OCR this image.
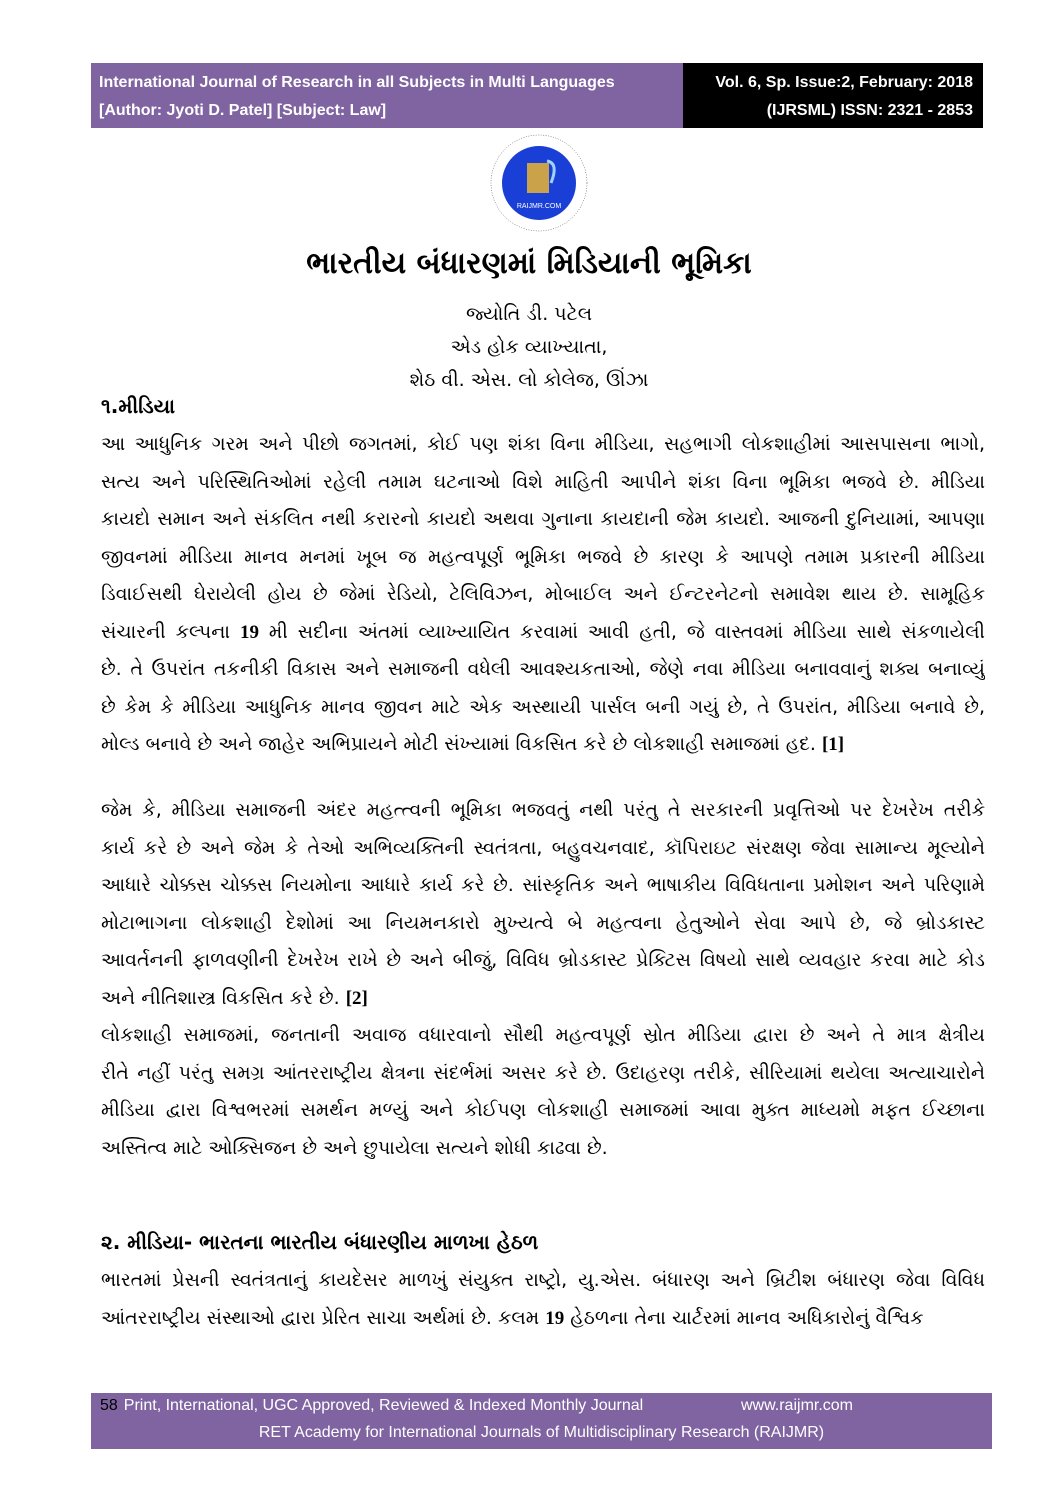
International Journal of Research in all Subjects in Multi Languages
[Author: Jyoti D. Patel] [Subject: Law]
Vol. 6, Sp. Issue:2, February: 2018
(IJRSML) ISSN: 2321 - 2853
RAIJMR.COM
ભારતીય બંધારણમાં મિડિયાની ભૂમિકા
જ્યોતિ ડી. પટેલ
એડ હોક વ્યાખ્યાતા,
શેઠ વી. એસ. લો કોલેજ, ઊંઝા
૧.મીડિયા
આ આધુનિક ગરમ અને પીછો જગતમાં, કોઈ પણ શંકા વિના મીડિયા, સહભાગી લોકશાહીમાં આસપાસના ભાગો,
સત્ય અને પરિસ્થિતિઓમાં રહેલી તમામ ઘટનાઓ વિશે માહિતી આપીને શંકા વિના ભૂમિકા ભજવે છે. મીડિયા
કાયદો સમાન અને સંકલિત નથી કરારનો કાયદો અથવા ગુનાના કાયદાની જેમ કાયદો. આજની દુનિયામાં, આપણા
જીવનમાં મીડિયા માનવ મનમાં ખૂબ જ મહત્વપૂર્ણ ભૂમિકા ભજવે છે કારણ કે આપણે તમામ પ્રકારની મીડિયા
ડિવાઈસથી ઘેરાયેલી હોય છે જેમાં રેડિયો, ટેલિવિઝન, મોબાઈલ અને ઈન્ટરનેટનો સમાવેશ થાય છે. સામૂહિક
સંચારની કલ્પના 19 મી સદીના અંતમાં વ્યાખ્યાયિત કરવામાં આવી હતી, જે વાસ્તવમાં મીડિયા સાથે સંકળાયેલી
છે. તે ઉપરાંત તકનીકી વિકાસ અને સમાજની વધેલી આવશ્યકતાઓ, જેણે નવા મીડિયા બનાવવાનું શક્ય બનાવ્યું
છે કેમ કે મીડિયા આધુનિક માનવ જીવન માટે એક અસ્થાયી પાર્સલ બની ગયું છે, તે ઉપરાંત, મીડિયા બનાવે છે,
મોલ્ડ બનાવે છે અને જાહેર અભિપ્રાયને મોટી સંખ્યામાં વિકસિત કરે છે લોકશાહી સમાજમાં હદ. [1]
જેમ કે, મીડિયા સમાજની અંદર મહત્ત્વની ભૂમિકા ભજવતું નથી પરંતુ તે સરકારની પ્રવૃત્તિઓ પર દેખરેખ તરીકે
કાર્ય કરે છે અને જેમ કે તેઓ અભિવ્યક્તિની સ્વતંત્રતા, બહુવચનવાદ, કૉપિરાઇટ સંરક્ષણ જેવા સામાન્ય મૂલ્યોને
આધારે ચોક્કસ ચોક્કસ નિયમોના આધારે કાર્ય કરે છે. સાંસ્કૃતિક અને ભાષાકીય વિવિધતાના પ્રમોશન અને પરિણામે
મોટાભાગના લોકશાહી દેશોમાં આ નિયમનકારો મુખ્યત્વે બે મહત્વના હેતુઓને સેવા આપે છે, જે બ્રોડકાસ્ટ
આવર્તનની ફાળવણીની દેખરેખ રાખે છે અને બીજું, વિવિધ બ્રોડકાસ્ટ પ્રેક્ટિસ વિષયો સાથે વ્યવહાર કરવા માટે કોડ
અને નીતિશાસ્ત્ર વિકસિત કરે છે. [2]
લોકશાહી સમાજમાં, જનતાની અવાજ વધારવાનો સૌથી મહત્વપૂર્ણ સ્રોત મીડિયા દ્વારા છે અને તે માત્ર ક્ષેત્રીય
રીતે નહીં પરંતુ સમગ્ર આંતરરાષ્ટ્રીય ક્ષેત્રના સંદર્ભમાં અસર કરે છે. ઉદાહરણ તરીકે, સીરિયામાં થયેલા અત્યાચારોને
મીડિયા દ્વારા વિશ્વભરમાં સમર્થન મળ્યું અને કોઈપણ લોકશાહી સમાજમાં આવા મુક્ત માધ્યમો મફત ઈચ્છાના
અસ્તિત્વ માટે ઓક્સિજન છે અને છુપાયેલા સત્યને શોધી કાઢવા છે.
૨. મીડિયા- ભારતના ભારતીય બંધારણીય માળખા હેઠળ
ભારતમાં પ્રેસની સ્વતંત્રતાનું કાયદેસર માળખું સંયુક્ત રાષ્ટ્રો, યુ.એસ. બંધારણ અને બ્રિટીશ બંધારણ જેવા વિવિધ
આંતરરાષ્ટ્રીય સંસ્થાઓ દ્વારા પ્રેરિત સાચા અર્થમાં છે. કલમ 19 હેઠળના તેના ચાર્ટરમાં માનવ અધિકારોનું વૈશ્વિક
58 Print, International, UGC Approved, Reviewed & Indexed Monthly Journal	www.raijmr.com
RET Academy for International Journals of Multidisciplinary Research (RAIJMR)
